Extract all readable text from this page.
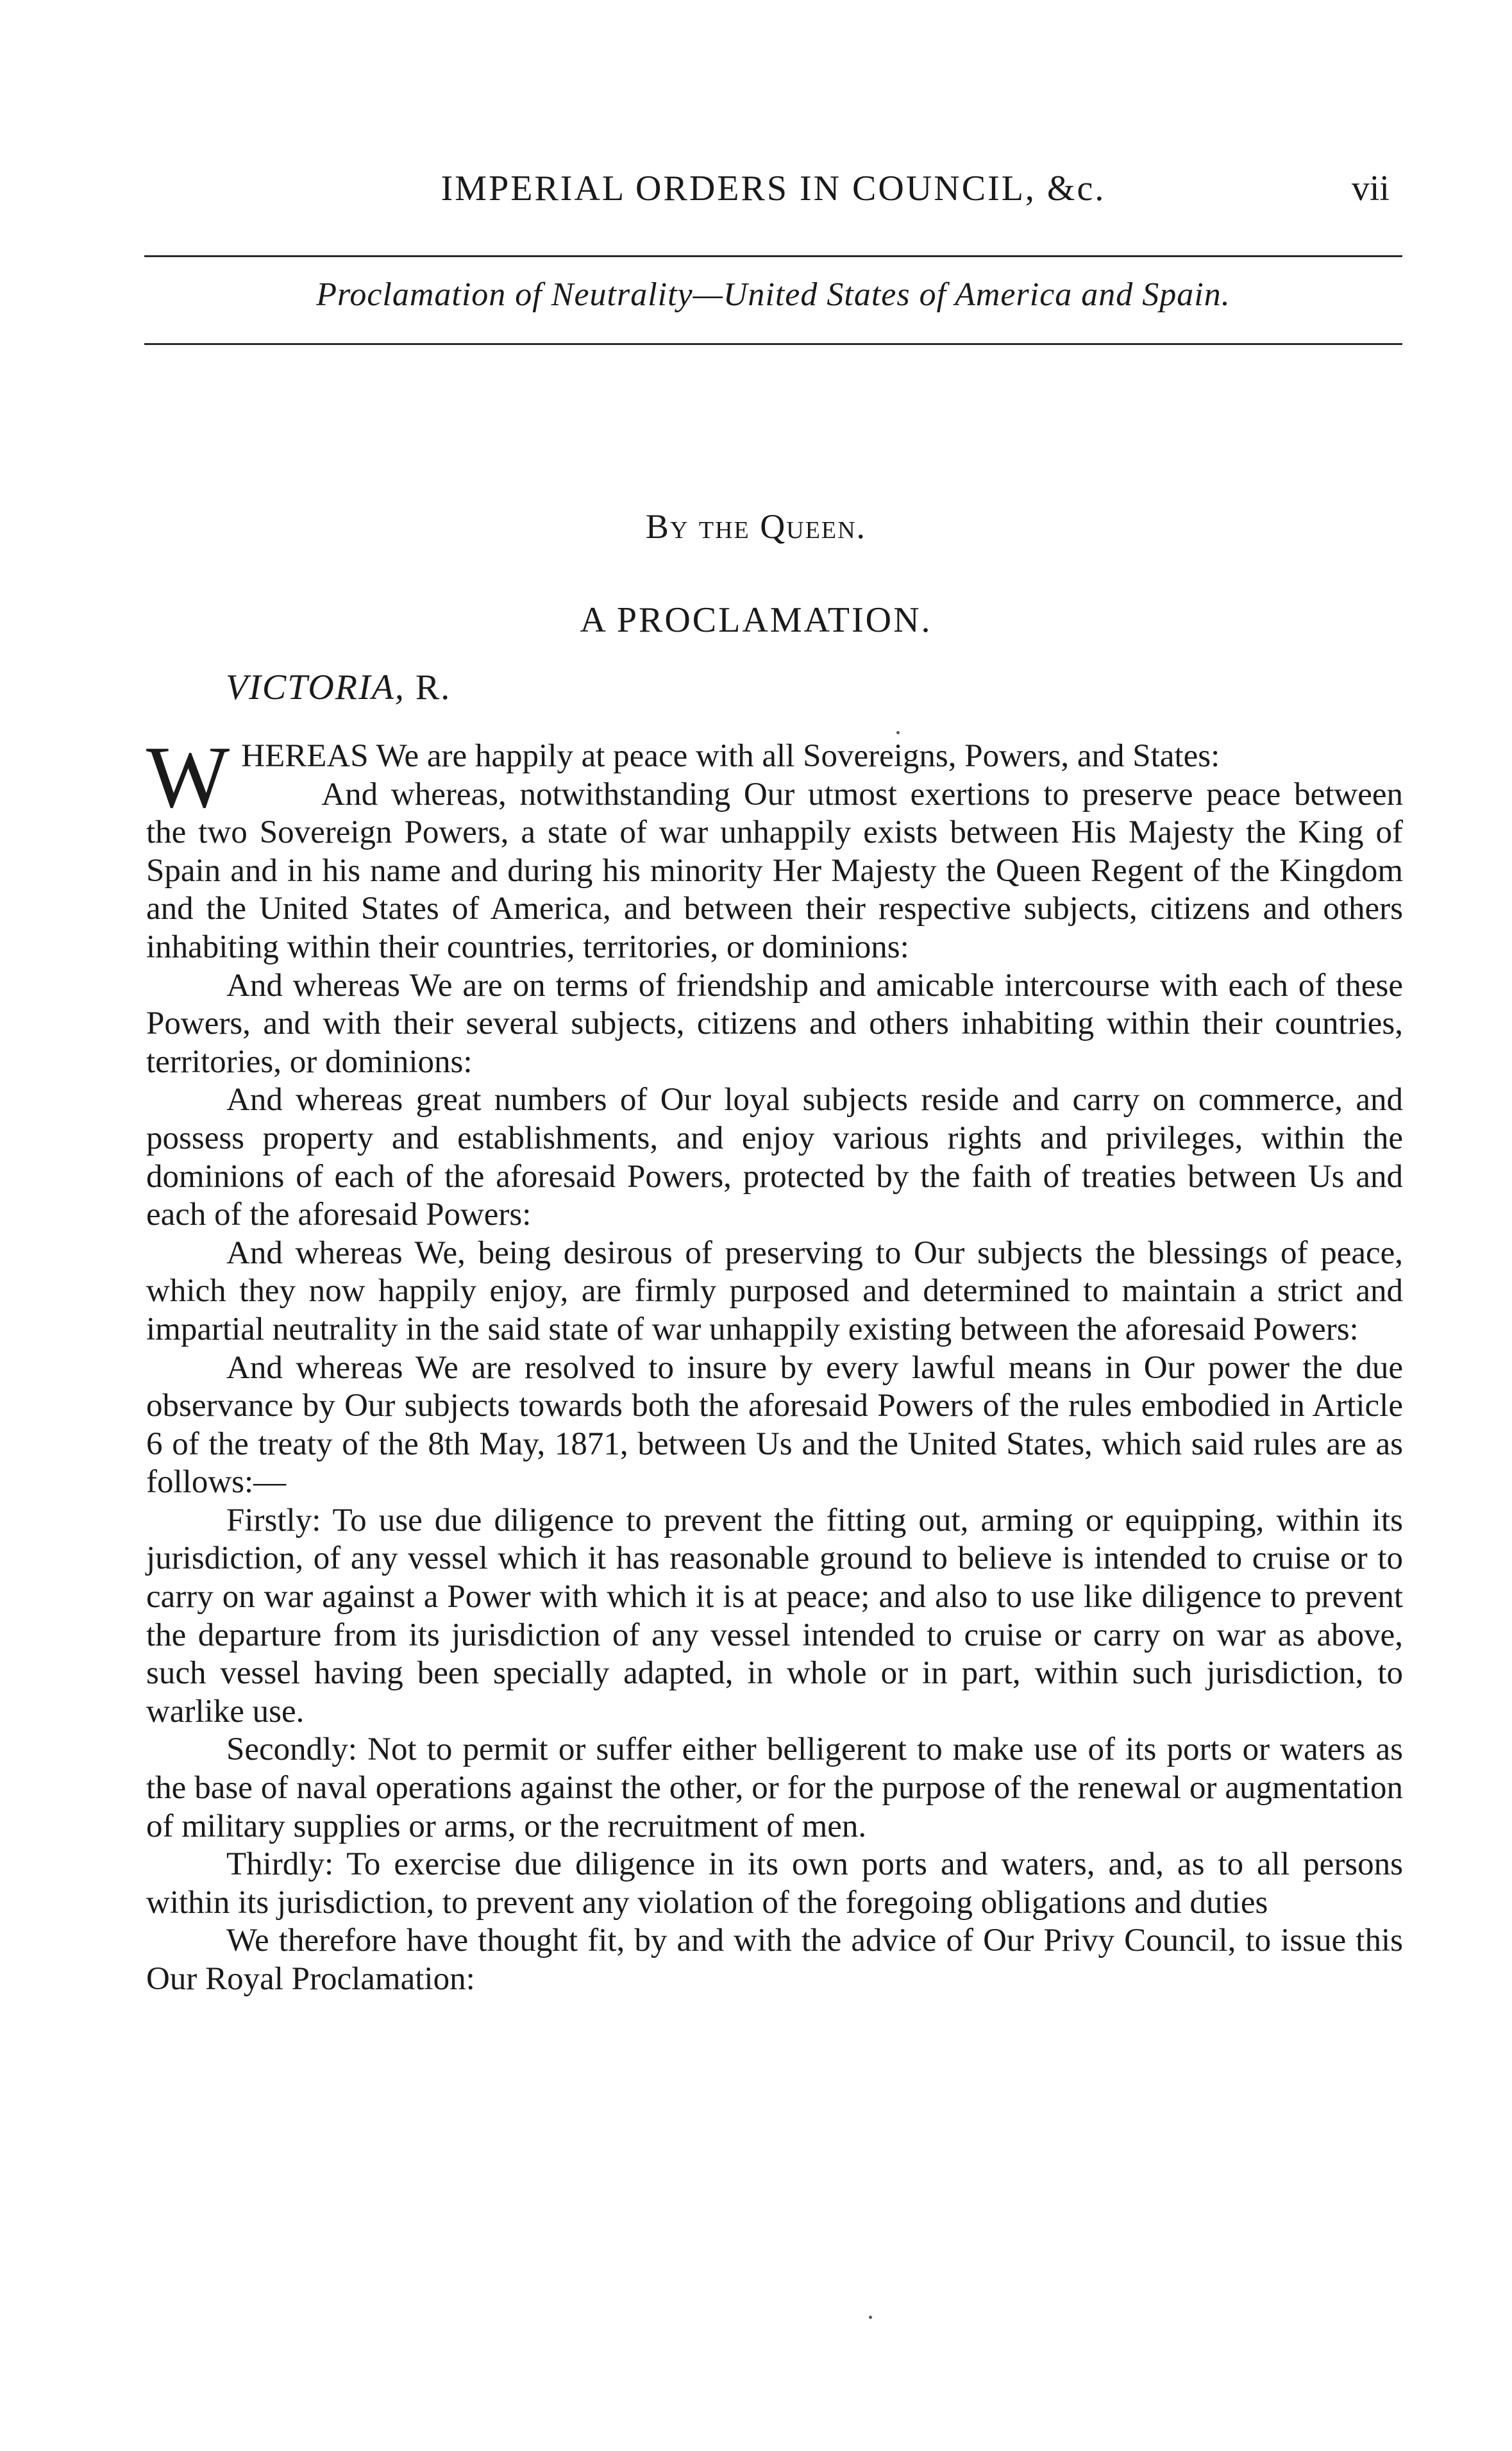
IMPERIAL ORDERS IN COUNCIL, &c.	vii
Proclamation of Neutrality—United States of America and Spain.
By the Queen.
A PROCLAMATION.
VICTORIA, R.

WHEREAS We are happily at peace with all Sovereigns, Powers, and States:

And whereas, notwithstanding Our utmost exertions to preserve peace between the two Sovereign Powers, a state of war unhappily exists between His Majesty the King of Spain and in his name and during his minority Her Majesty the Queen Regent of the Kingdom and the United States of America, and between their respective subjects, citizens and others inhabiting within their countries, territories, or dominions:

And whereas We are on terms of friendship and amicable intercourse with each of these Powers, and with their several subjects, citizens and others inhabiting within their countries, territories, or dominions:

And whereas great numbers of Our loyal subjects reside and carry on commerce, and possess property and establishments, and enjoy various rights and privileges, within the dominions of each of the aforesaid Powers, protected by the faith of treaties between Us and each of the aforesaid Powers:

And whereas We, being desirous of preserving to Our subjects the blessings of peace, which they now happily enjoy, are firmly purposed and determined to maintain a strict and impartial neutrality in the said state of war unhappily existing between the aforesaid Powers:

And whereas We are resolved to insure by every lawful means in Our power the due observance by Our subjects towards both the aforesaid Powers of the rules embodied in Article 6 of the treaty of the 8th May, 1871, between Us and the United States, which said rules are as follows:—

Firstly: To use due diligence to prevent the fitting out, arming or equipping, within its jurisdiction, of any vessel which it has reasonable ground to believe is intended to cruise or to carry on war against a Power with which it is at peace; and also to use like diligence to prevent the departure from its jurisdiction of any vessel intended to cruise or carry on war as above, such vessel having been specially adapted, in whole or in part, within such jurisdiction, to warlike use.

Secondly: Not to permit or suffer either belligerent to make use of its ports or waters as the base of naval operations against the other, or for the purpose of the renewal or augmentation of military supplies or arms, or the recruitment of men.

Thirdly: To exercise due diligence in its own ports and waters, and, as to all persons within its jurisdiction, to prevent any violation of the foregoing obligations and duties

We therefore have thought fit, by and with the advice of Our Privy Council, to issue this Our Royal Proclamation:
